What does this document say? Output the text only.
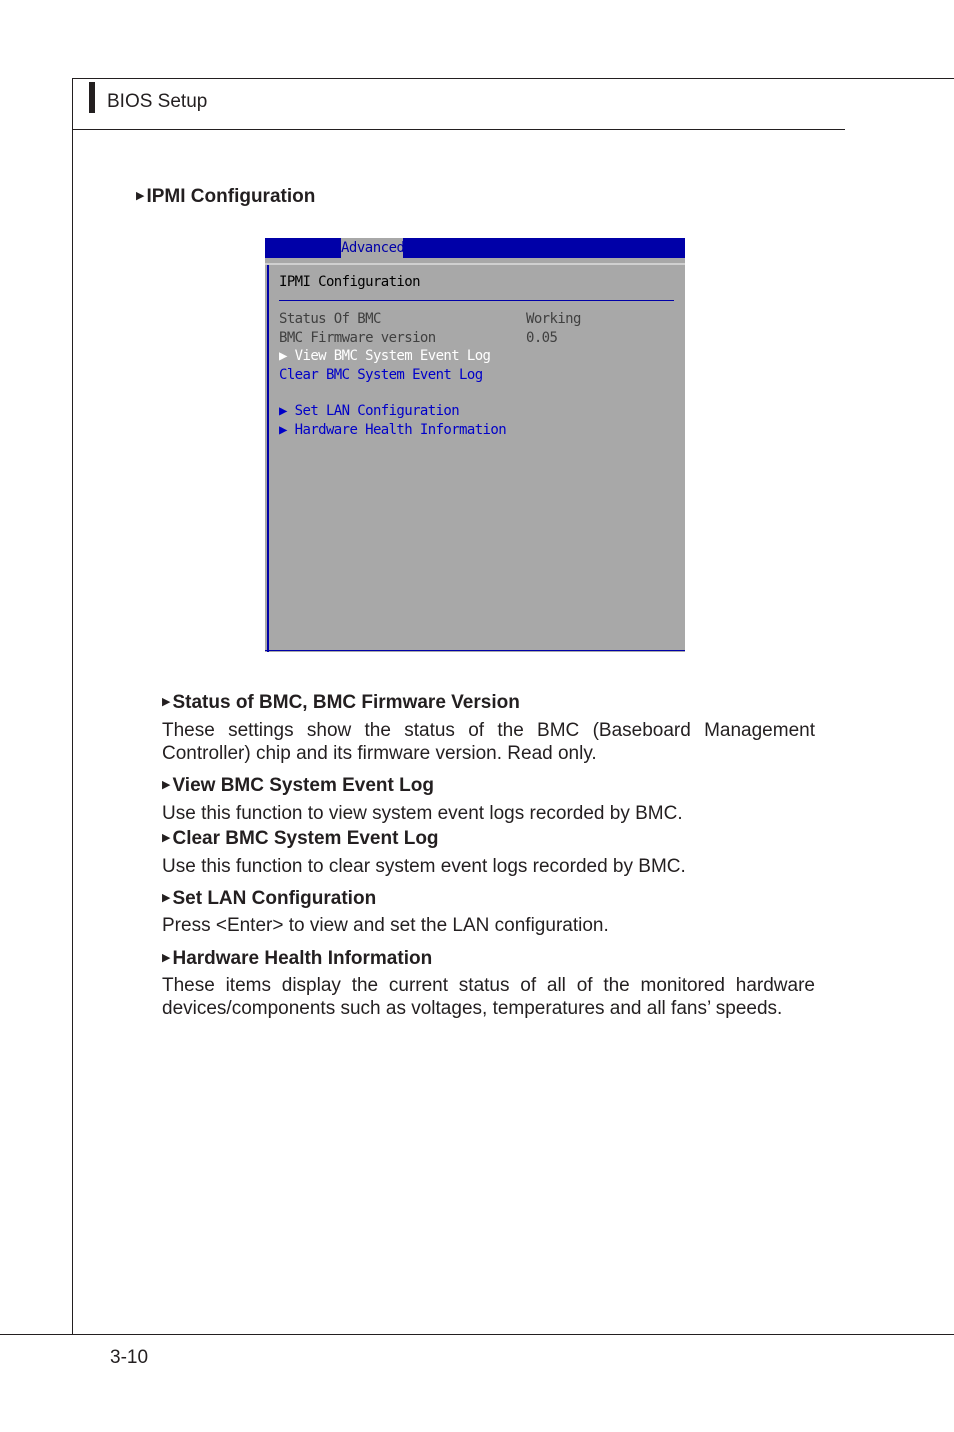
BIOS Setup
▶ IPMI Configuration
Advanced
IPMI Configuration
Status Of BMC	Working
BMC Firmware version	0.05
▶ View BMC System Event Log
Clear BMC System Event Log
▶ Set LAN Configuration
▶ Hardware Health Information
▶ Status of BMC, BMC Firmware Version
These settings show the status of the BMC (Baseboard Management Controller) chip and its firmware version. Read only.
▶ View BMC System Event Log
Use this function to view system event logs recorded by BMC.
▶ Clear BMC System Event Log
Use this function to clear system event logs recorded by BMC.
▶ Set LAN Configuration
Press <Enter> to view and set the LAN configuration.
▶ Hardware Health Information
These items display the current status of all of the monitored hardware devices/components such as voltages, temperatures and all fans’ speeds.
3-10
